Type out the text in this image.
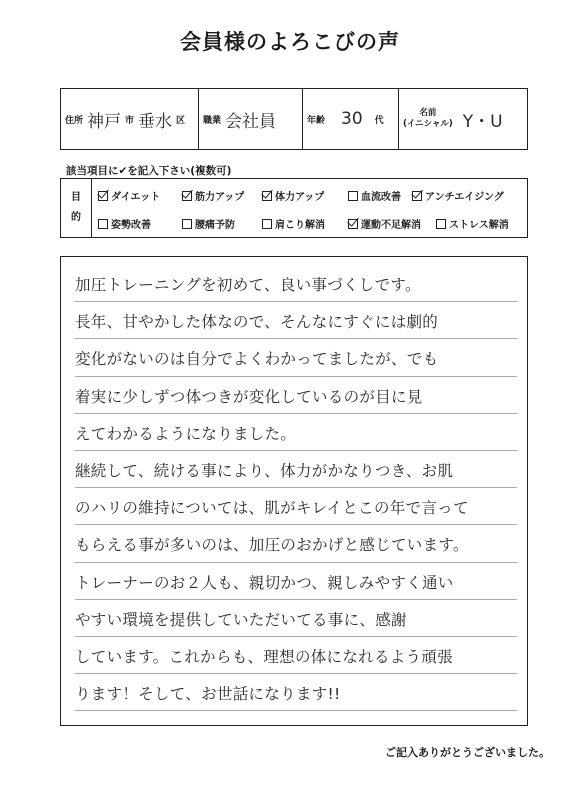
会員様のよろこびの声
住所 神戸 市 垂水 区 職業 会社員	年齢 30 代
名前
(イニシャル) Y・U
該当項目に✔を記入下さい(複数可)
目
的
ダイエット	筋力アップ	体力アップ	血流改善 アンチエイジング
姿勢改善	腰痛予防	肩こり解消	運動不足解消	ストレス解消
加圧トレーニングを初めて、良い事づくしです。
長年、甘やかした体なので、そんなにすぐには劇的
変化がないのは自分でよくわかってましたが、でも
着実に少しずつ体つきが変化しているのが目に見
えてわかるようになりました。
継続して、続ける事により、体力がかなりつき、お肌
のハリの維持については、肌がキレイとこの年で言って
もらえる事が多いのは、加圧のおかげと感じています。
トレーナーのお２人も、親切かつ、親しみやすく通い
やすい環境を提供していただいてる事に、感謝
しています。これからも、理想の体になれるよう頑張
ります！そして、お世話になります!!
ご記入ありがとうございました。
